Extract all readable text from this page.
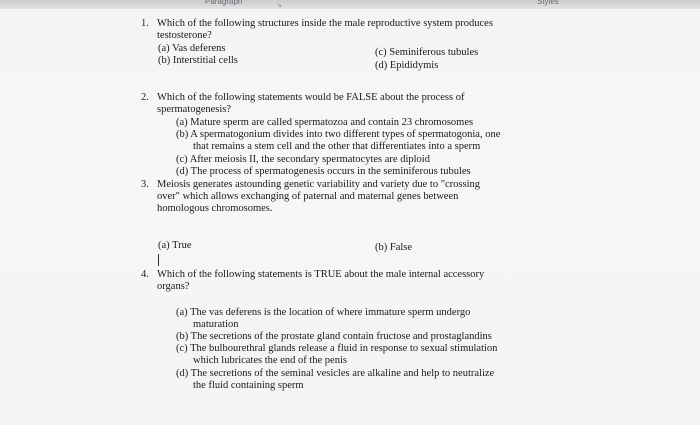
Paragraph	↘	Styles
1. Which of the following structures inside the male reproductive system produces
testosterone?
(a) Vas deferens
(b) Interstitial cells
(c) Seminiferous tubules
(d) Epididymis
2. Which of the following statements would be FALSE about the process of
spermatogenesis?
(a) Mature sperm are called spermatozoa and contain 23 chromosomes
(b) A spermatogonium divides into two different types of spermatogonia, one
that remains a stem cell and the other that differentiates into a sperm
(c) After meiosis II, the secondary spermatocytes are diploid
(d) The process of spermatogenesis occurs in the seminiferous tubules
3. Meiosis generates astounding genetic variability and variety due to "crossing
over" which allows exchanging of paternal and maternal genes between
homologous chromosomes.
(a) True	(b) False
4. Which of the following statements is TRUE about the male internal accessory
organs?
(a) The vas deferens is the location of where immature sperm undergo
maturation
(b) The secretions of the prostate gland contain fructose and prostaglandins
(c) The bulbourethral glands release a fluid in response to sexual stimulation
which lubricates the end of the penis
(d) The secretions of the seminal vesicles are alkaline and help to neutralize
the fluid containing sperm
